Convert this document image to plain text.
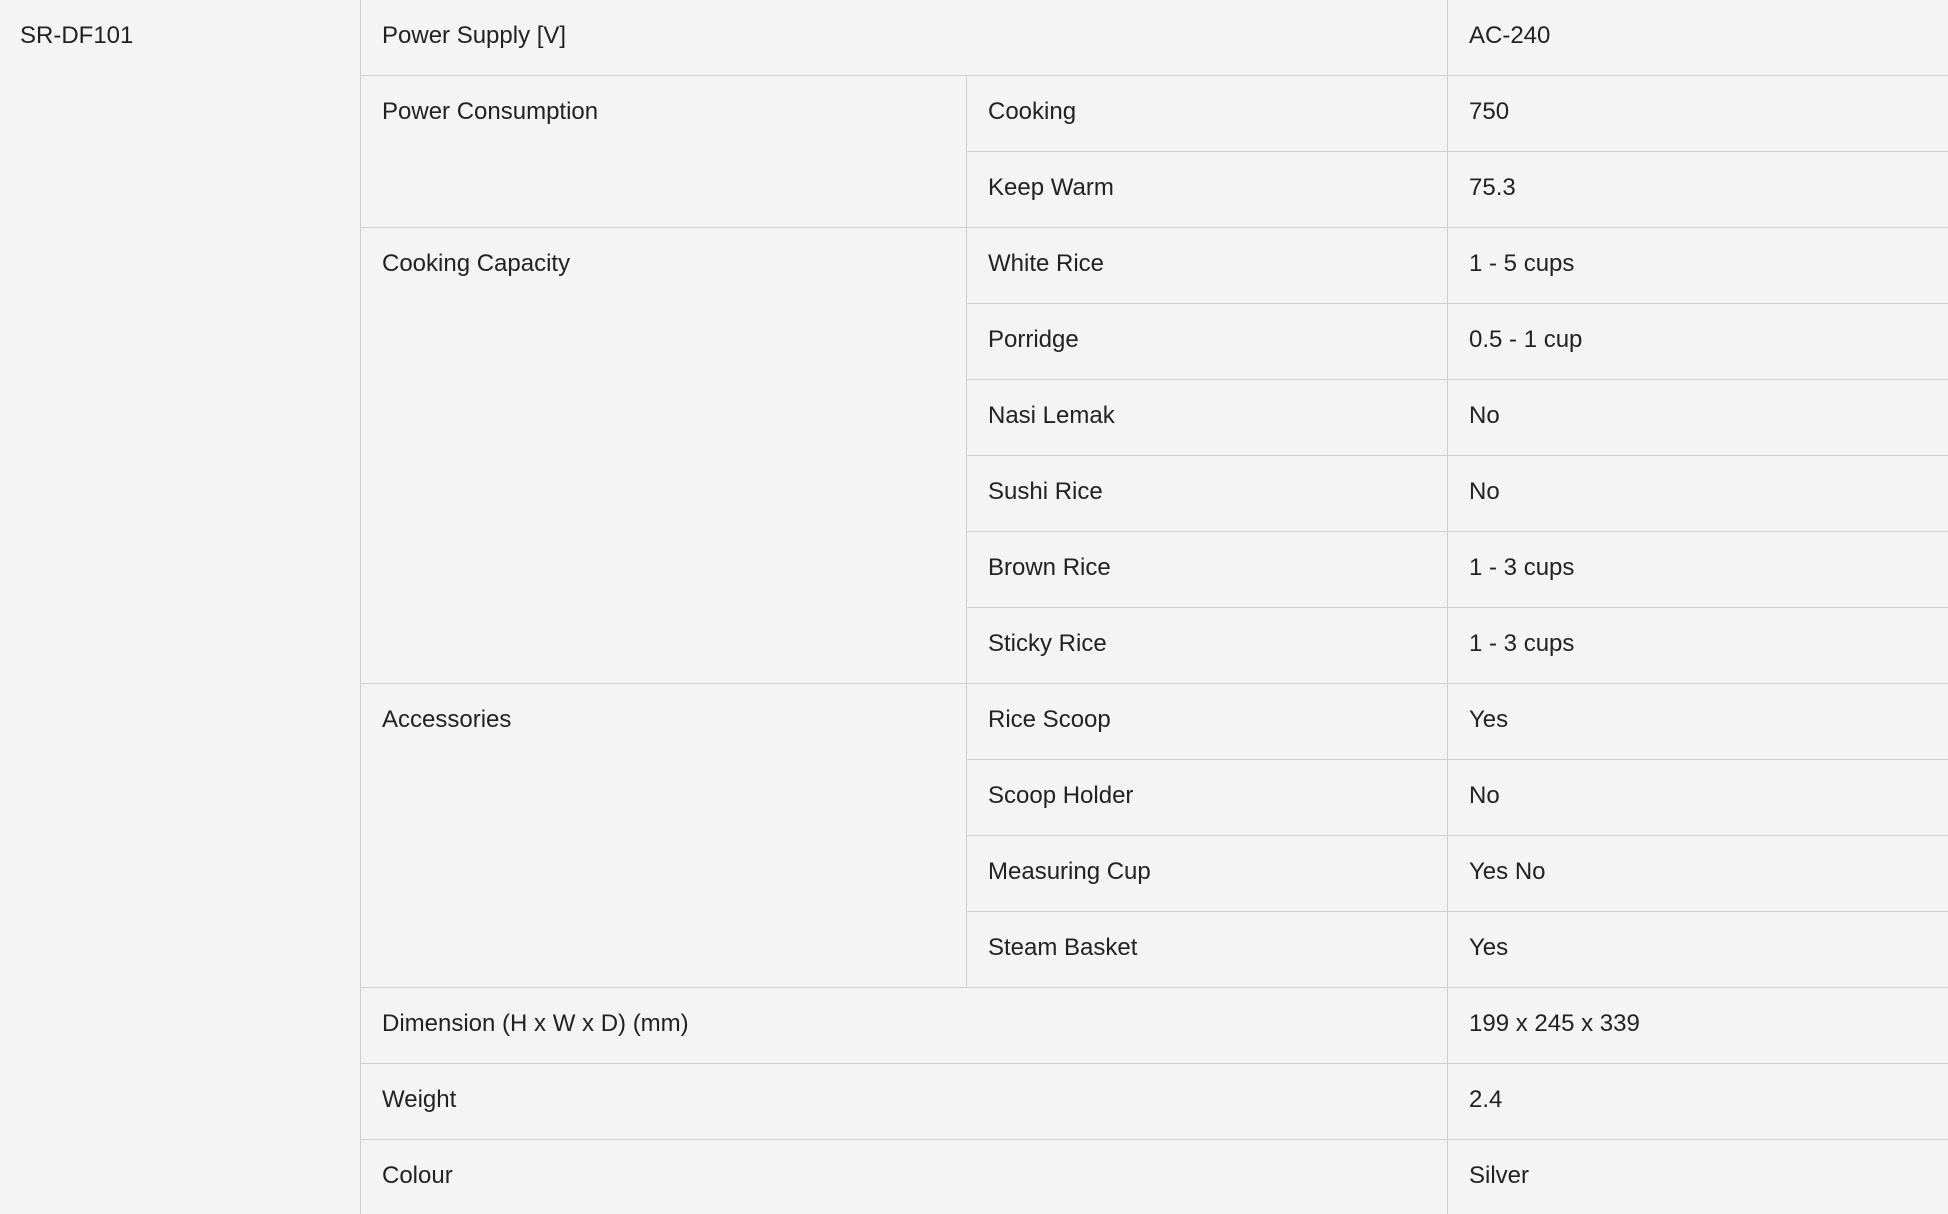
SR-DF101	Power Supply [V]		AC-240
Power Consumption	Cooking	750
	Keep Warm	75.3
Cooking Capacity	White Rice	1 - 5 cups
	Porridge	0.5 - 1 cup
	Nasi Lemak	No
	Sushi Rice	No
	Brown Rice	1 - 3 cups
	Sticky Rice	1 - 3 cups
Accessories	Rice Scoop	Yes
	Scoop Holder	No
	Measuring Cup	Yes No
	Steam Basket	Yes
Dimension (H x W x D) (mm)		199 x 245 x 339
Weight		2.4
Colour		Silver
